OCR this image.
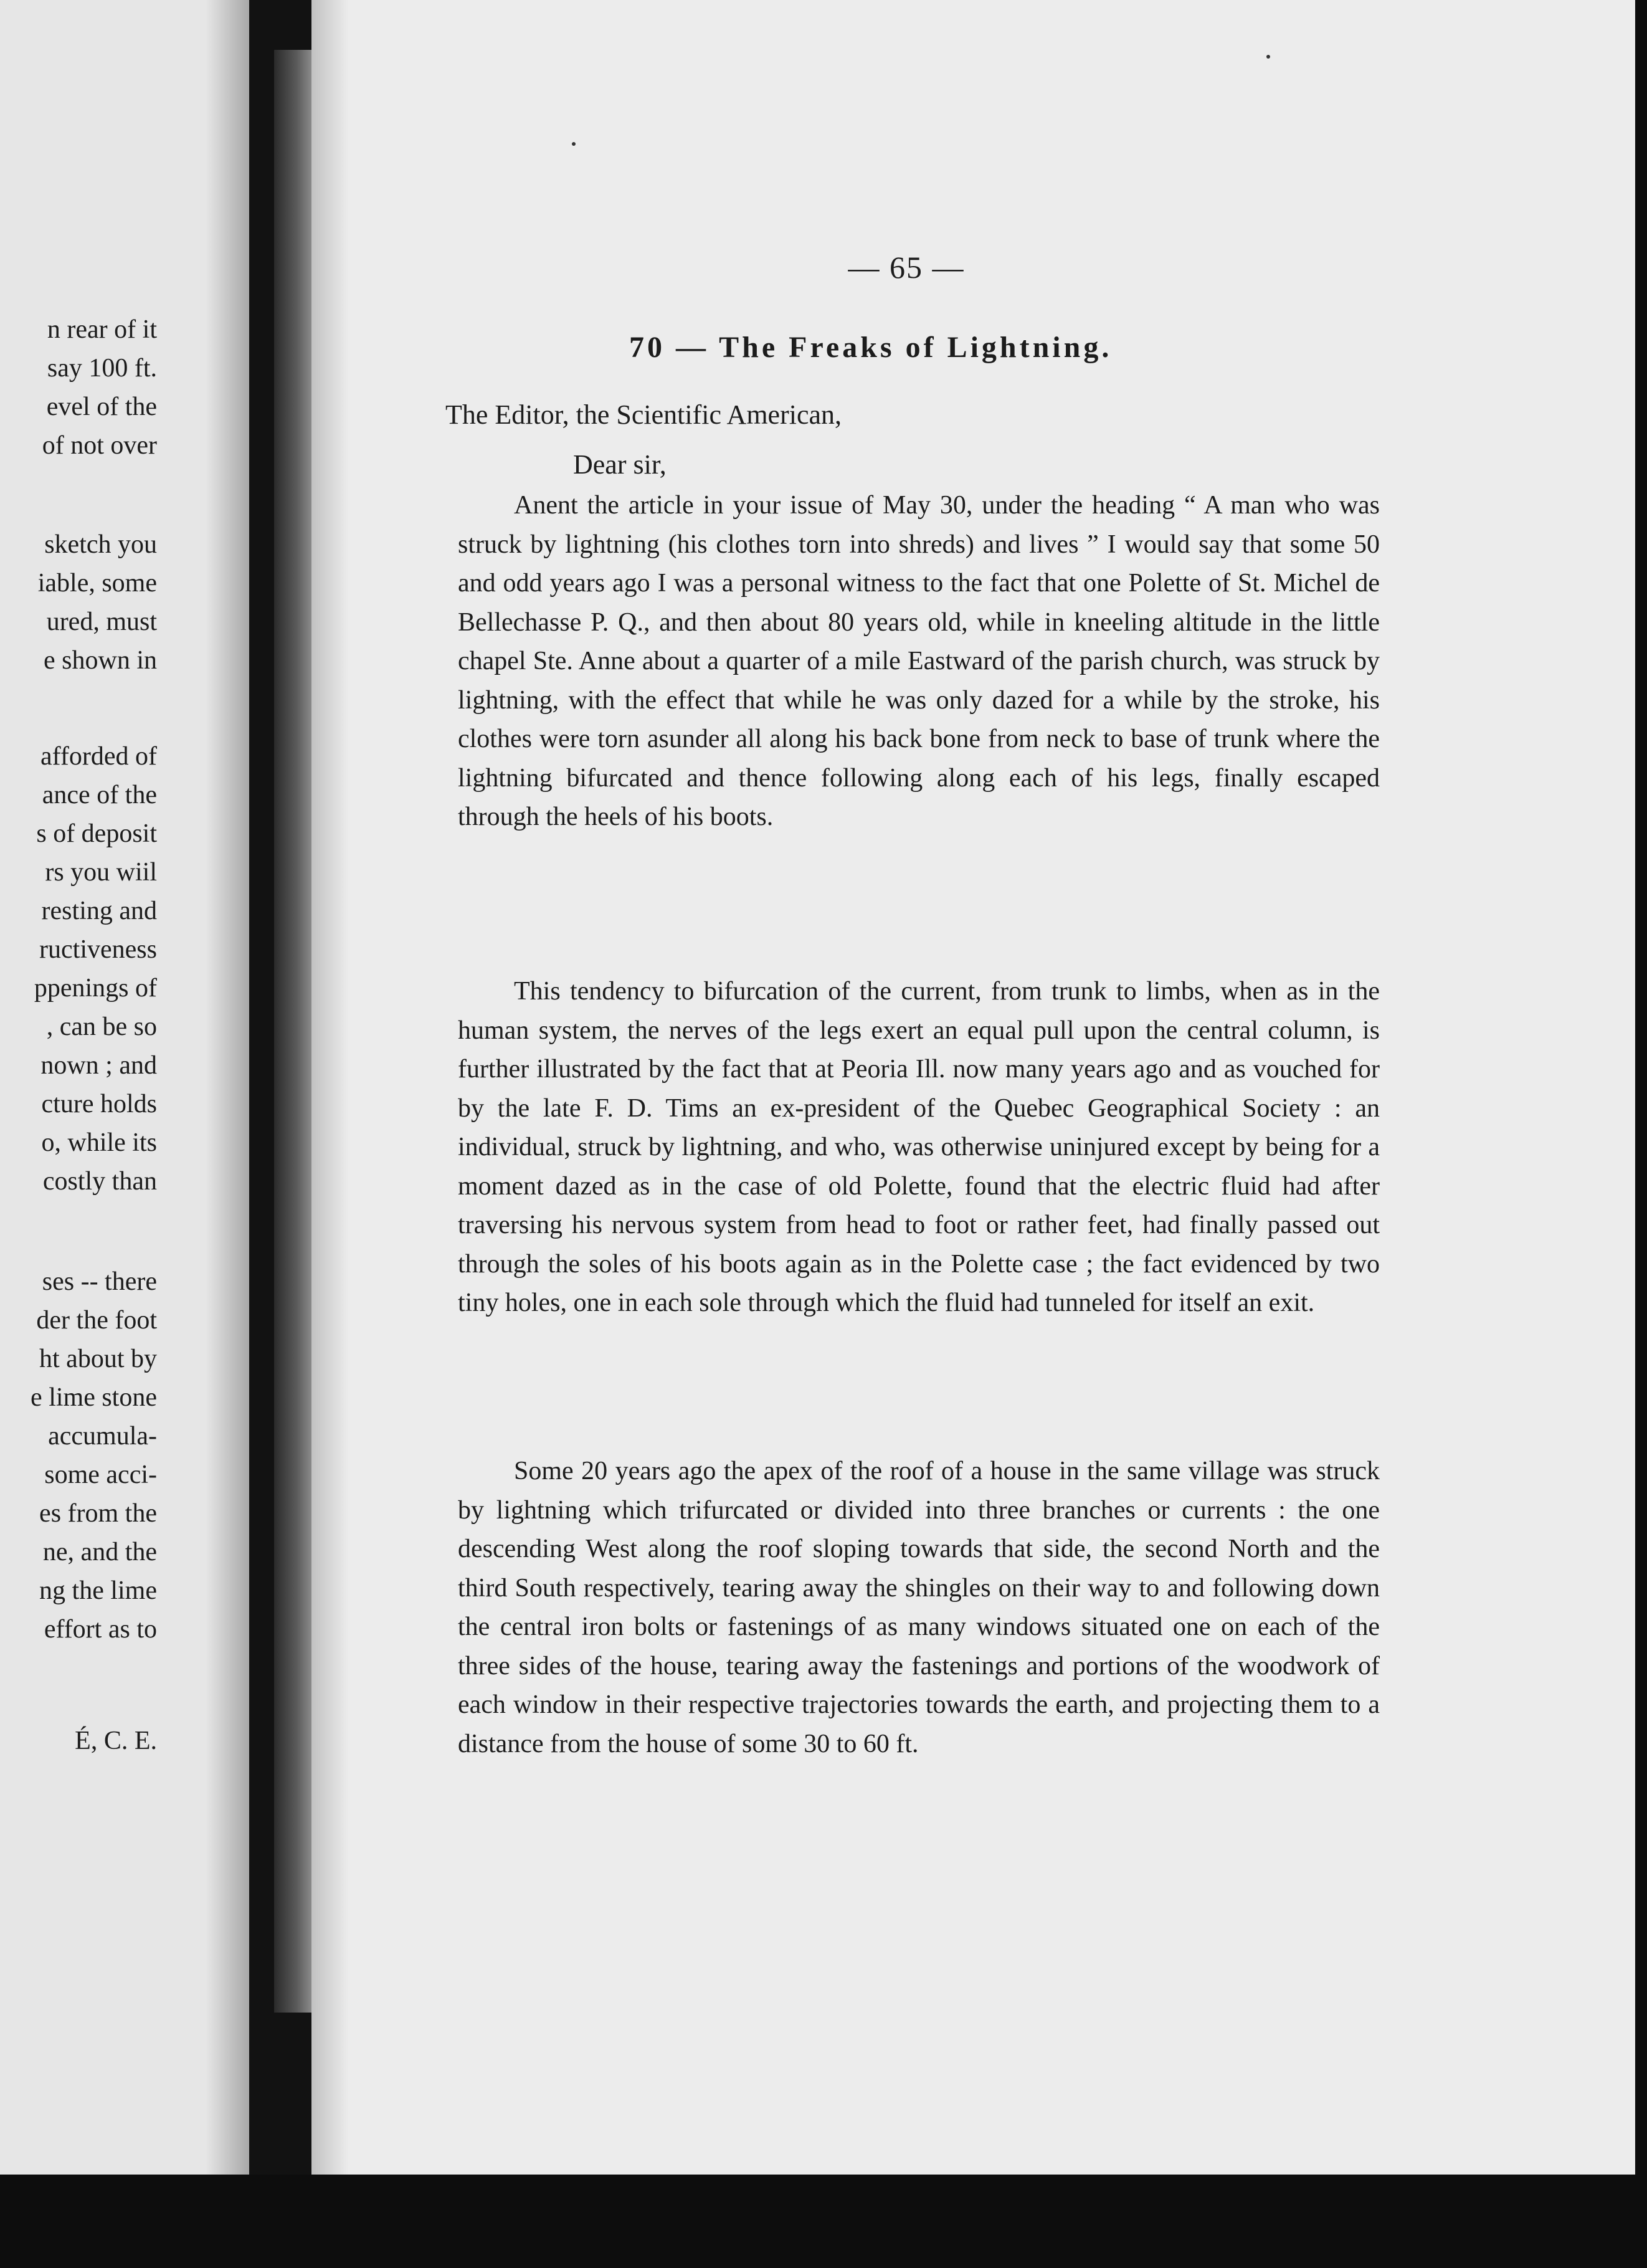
n rear of it
say 100 ft.
evel of the
of not over
sketch you
iable, some
ured, must
e shown in
afforded of
ance of the
s of deposit
rs you wiil
resting and
ructiveness
ppenings of
, can be so
nown ; and
cture holds
o, while its
costly than
ses -- there
der the foot
ht about by
e lime stone
accumula-
some acci-
es from the
ne, and the
ng the lime
effort as to
É, C. E.
— 65 —
70 — The Freaks of Lightning.
The Editor, the Scientific American,
Dear sir,
Anent the article in your issue of May 30, under the heading “ A man who was struck by lightning (his clothes torn into shreds) and lives ” I would say that some 50 and odd years ago I was a personal witness to the fact that one Polette of St. Michel de Bellechasse P. Q., and then about 80 years old, while in kneeling altitude in the little chapel Ste. Anne about a quarter of a mile Eastward of the parish church, was struck by lightning, with the effect that while he was only dazed for a while by the stroke, his clothes were torn asunder all along his back bone from neck to base of trunk where the lightning bifurcated and thence following along each of his legs, finally escaped through the heels of his boots.
This tendency to bifurcation of the current, from trunk to limbs, when as in the human system, the nerves of the legs exert an equal pull upon the central column, is further illustrated by the fact that at Peoria Ill. now many years ago and as vouched for by the late F. D. Tims an ex-president of the Quebec Geographical Society : an individual, struck by lightning, and who, was otherwise uninjured except by being for a moment dazed as in the case of old Polette, found that the electric fluid had after traversing his nervous system from head to foot or rather feet, had finally passed out through the soles of his boots again as in the Polette case ; the fact evidenced by two tiny holes, one in each sole through which the fluid had tunneled for itself an exit.
Some 20 years ago the apex of the roof of a house in the same village was struck by lightning which trifurcated or divided into three branches or currents : the one descending West along the roof sloping towards that side, the second North and the third South respectively, tearing away the shingles on their way to and following down the central iron bolts or fastenings of as many windows situated one on each of the three sides of the house, tearing away the fastenings and portions of the woodwork of each window in their respective trajectories towards the earth, and projecting them to a distance from the house of some 30 to 60 ft.
